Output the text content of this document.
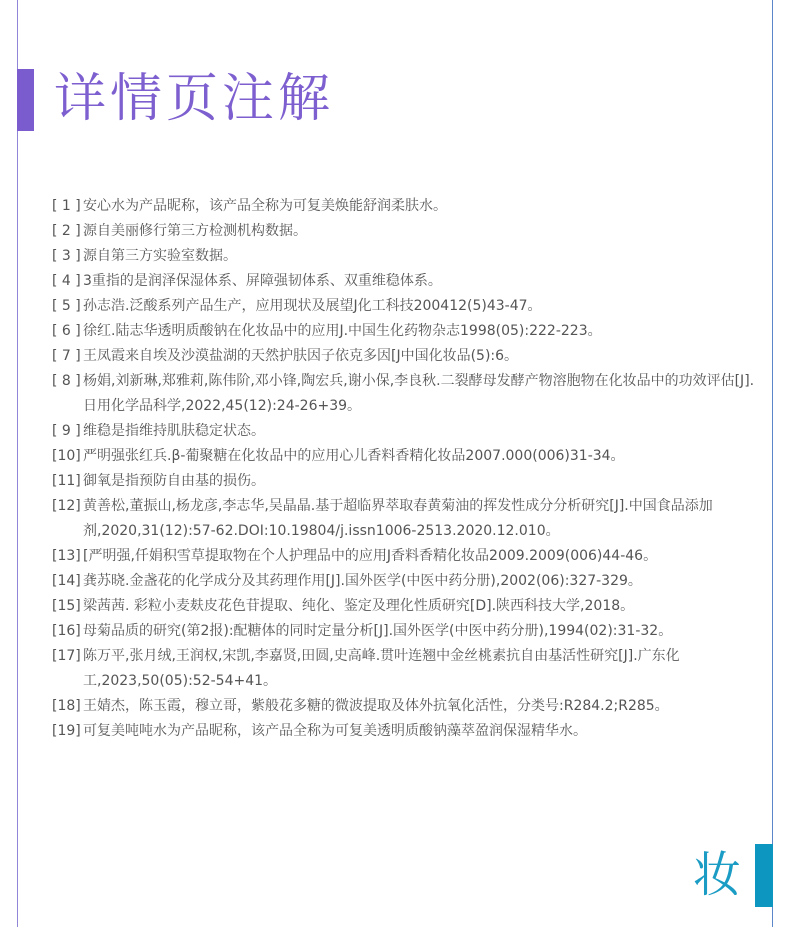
详情页注解
[ 1 ] 安心水为产品昵称，该产品全称为可复美焕能舒润柔肤水。
[ 2 ] 源自美丽修行第三方检测机构数据。
[ 3 ] 源自第三方实验室数据。
[ 4 ] 3重指的是润泽保湿体系、屏障强韧体系、双重维稳体系。
[ 5 ] 孙志浩.泛酸系列产品生产，应用现状及展望J化工科技200412(5)43-47。
[ 6 ] 徐红.陆志华透明质酸钠在化妆品中的应用J.中国生化药物杂志1998(05):222-223。
[ 7 ] 王凤霞来自埃及沙漠盐湖的天然护肤因子依克多因[J中国化妆品(5):6。
[ 8 ] 杨娟,刘新琳,郑雅莉,陈伟阶,邓小锋,陶宏兵,谢小保,李良秋.二裂酵母发酵产物溶胞物在化妆品中的功效评估[J].日用化学品科学,2022,45(12):24-26+39。
[ 9 ] 维稳是指维持肌肤稳定状态。
[10] 严明强张红兵.β-葡聚糖在化妆品中的应用心儿香料香精化妆品2007.000(006)31-34。
[11] 御氧是指预防自由基的损伤。
[12] 黄善松,董振山,杨龙彦,李志华,吴晶晶.基于超临界萃取春黄菊油的挥发性成分分析研究[J].中国食品添加剂,2020,31(12):57-62.DOI:10.19804/j.issn1006-2513.2020.12.010。
[13] [严明强,仟娟积雪草提取物在个人护理品中的应用J香料香精化妆品2009.2009(006)44-46。
[14] 龚苏晓.金盏花的化学成分及其药理作用[J].国外医学(中医中药分册),2002(06):327-329。
[15] 梁茜茜. 彩粒小麦麸皮花色苷提取、纯化、鉴定及理化性质研究[D].陕西科技大学,2018。
[16] 母菊品质的研究(第2报):配糖体的同时定量分析[J].国外医学(中医中药分册),1994(02):31-32。
[17] 陈万平,张月绒,王润权,宋凯,李嘉贤,田圆,史高峰.贯叶连翘中金丝桃素抗自由基活性研究[J].广东化工,2023,50(05):52-54+41。
[18] 王婧杰，陈玉霞，穆立哥，紫般花多糖的微波提取及体外抗氧化活性，分类号:R284.2;R285。
[19] 可复美吨吨水为产品昵称，该产品全称为可复美透明质酸钠藻萃盈润保湿精华水。
妆
